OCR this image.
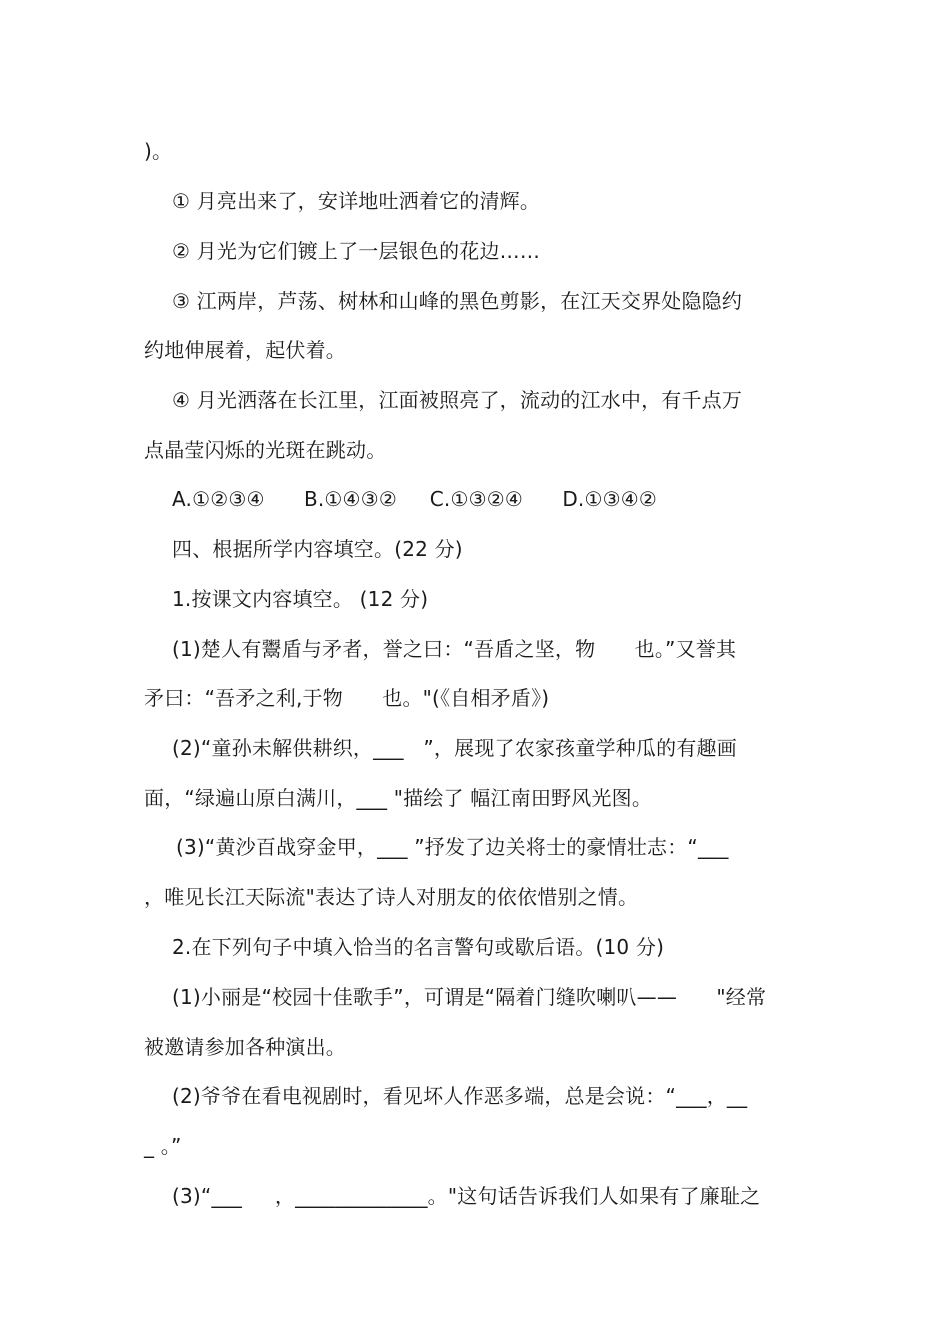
)。
① 月亮出来了，安详地吐洒着它的清辉。
② 月光为它们镀上了一层银色的花边……
③ 江两岸，芦荡、树林和山峰的黑色剪影，在江天交界处隐隐约
约地伸展着，起伏着。
④ 月光洒落在长江里，江面被照亮了，流动的江水中，有千点万
点晶莹闪烁的光斑在跳动。
A.①②③④      B.①④③②     C.①③②④      D.①③④②
四、根据所学内容填空。(22 分)
1.按课文内容填空。 (12 分)
(1)楚人有鬻盾与矛者，誉之曰：“吾盾之坚，物      也。”又誉其
矛曰：“吾矛之利,于物      也。"(《自相矛盾》)
(2)“童孙未解供耕织，___   ”，展现了农家孩童学种瓜的有趣画
面，“绿遍山原白满川，___ "描绘了 幅江南田野风光图。
(3)“黄沙百战穿金甲，___ ”抒发了边关将士的豪情壮志：“___
，唯见长江天际流"表达了诗人对朋友的依依惜别之情。
2.在下列句子中填入恰当的名言警句或歇后语。(10 分)
(1)小丽是“校园十佳歌手”，可谓是“隔着门缝吹喇叭——      "经常
被邀请参加各种演出。
(2)爷爷在看电视剧时，看见坏人作恶多端，总是会说：“___，__
_ 。”
(3)“___     ，_____________。"这句话告诉我们人如果有了廉耻之
